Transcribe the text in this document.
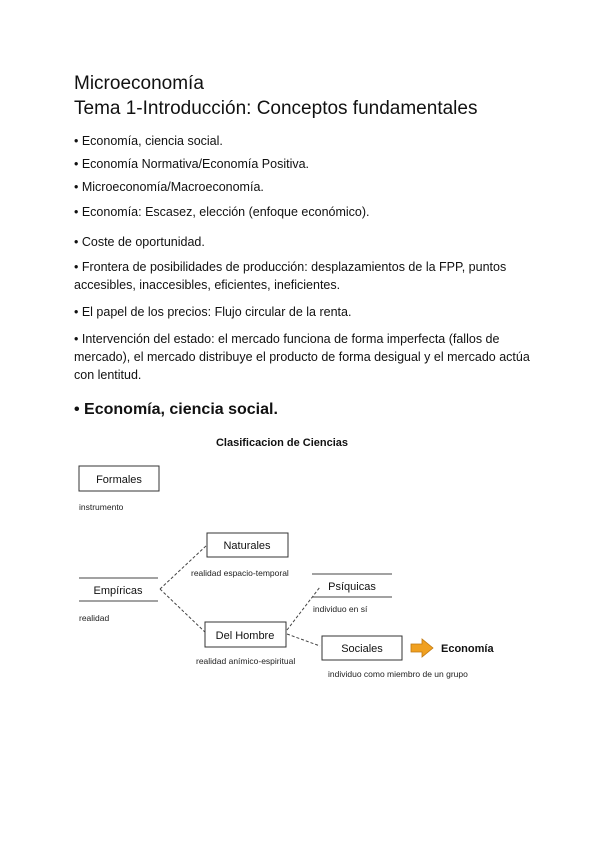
Microeconomía
Tema 1-Introducción: Conceptos fundamentales
• Economía, ciencia social.
• Economía Normativa/Economía Positiva.
• Microeconomía/Macroeconomía.
• Economía: Escasez, elección (enfoque económico).
• Coste de oportunidad.
• Frontera de posibilidades de producción: desplazamientos de la FPP, puntos accesibles, inaccesibles, eficientes, ineficientes.
• El papel de los precios: Flujo circular de la renta.
• Intervención del estado: el mercado funciona de forma imperfecta (fallos de mercado), el mercado distribuye el producto de forma desigual y el mercado actúa con lentitud.
• Economía, ciencia social.
Clasificacion de Ciencias
Formales
instrumento
Empíricas
realidad
Naturales
realidad espacio-temporal
Del Hombre
realidad anímico-espiritual
Psíquicas
individuo en sí
Sociales
individuo como miembro de un grupo
Economía
